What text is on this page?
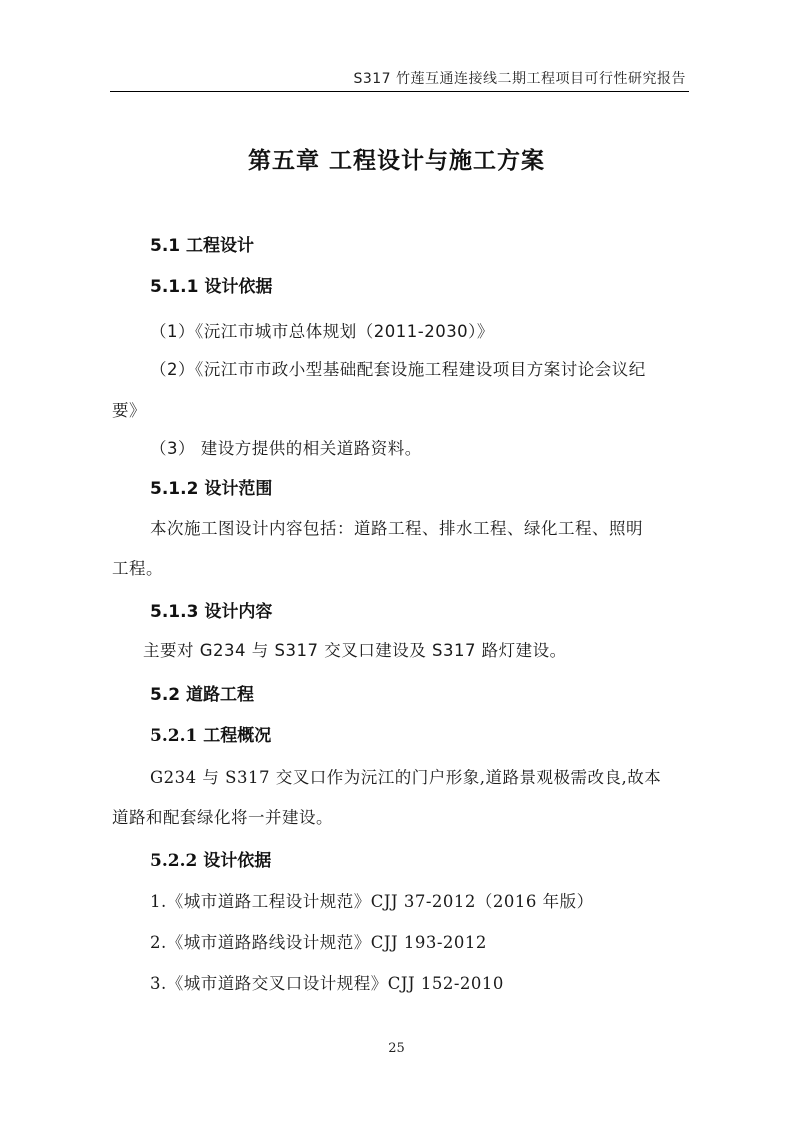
S317 竹莲互通连接线二期工程项目可行性研究报告
第五章 工程设计与施工方案
5.1 工程设计
5.1.1 设计依据
（1）《沅江市城市总体规划（2011-2030）》
（2）《沅江市市政小型基础配套设施工程建设项目方案讨论会议纪
要》
（3） 建设方提供的相关道路资料。
5.1.2 设计范围
本次施工图设计内容包括：道路工程、排水工程、绿化工程、照明
工程。
5.1.3 设计内容
主要对 G234 与 S317 交叉口建设及 S317 路灯建设。
5.2 道路工程
5.2.1 工程概况
G234 与 S317 交叉口作为沅江的门户形象,道路景观极需改良,故本
道路和配套绿化将一并建设。
5.2.2 设计依据
1.《城市道路工程设计规范》CJJ 37-2012（2016 年版）
2.《城市道路路线设计规范》CJJ 193-2012
3.《城市道路交叉口设计规程》CJJ 152-2010
25
